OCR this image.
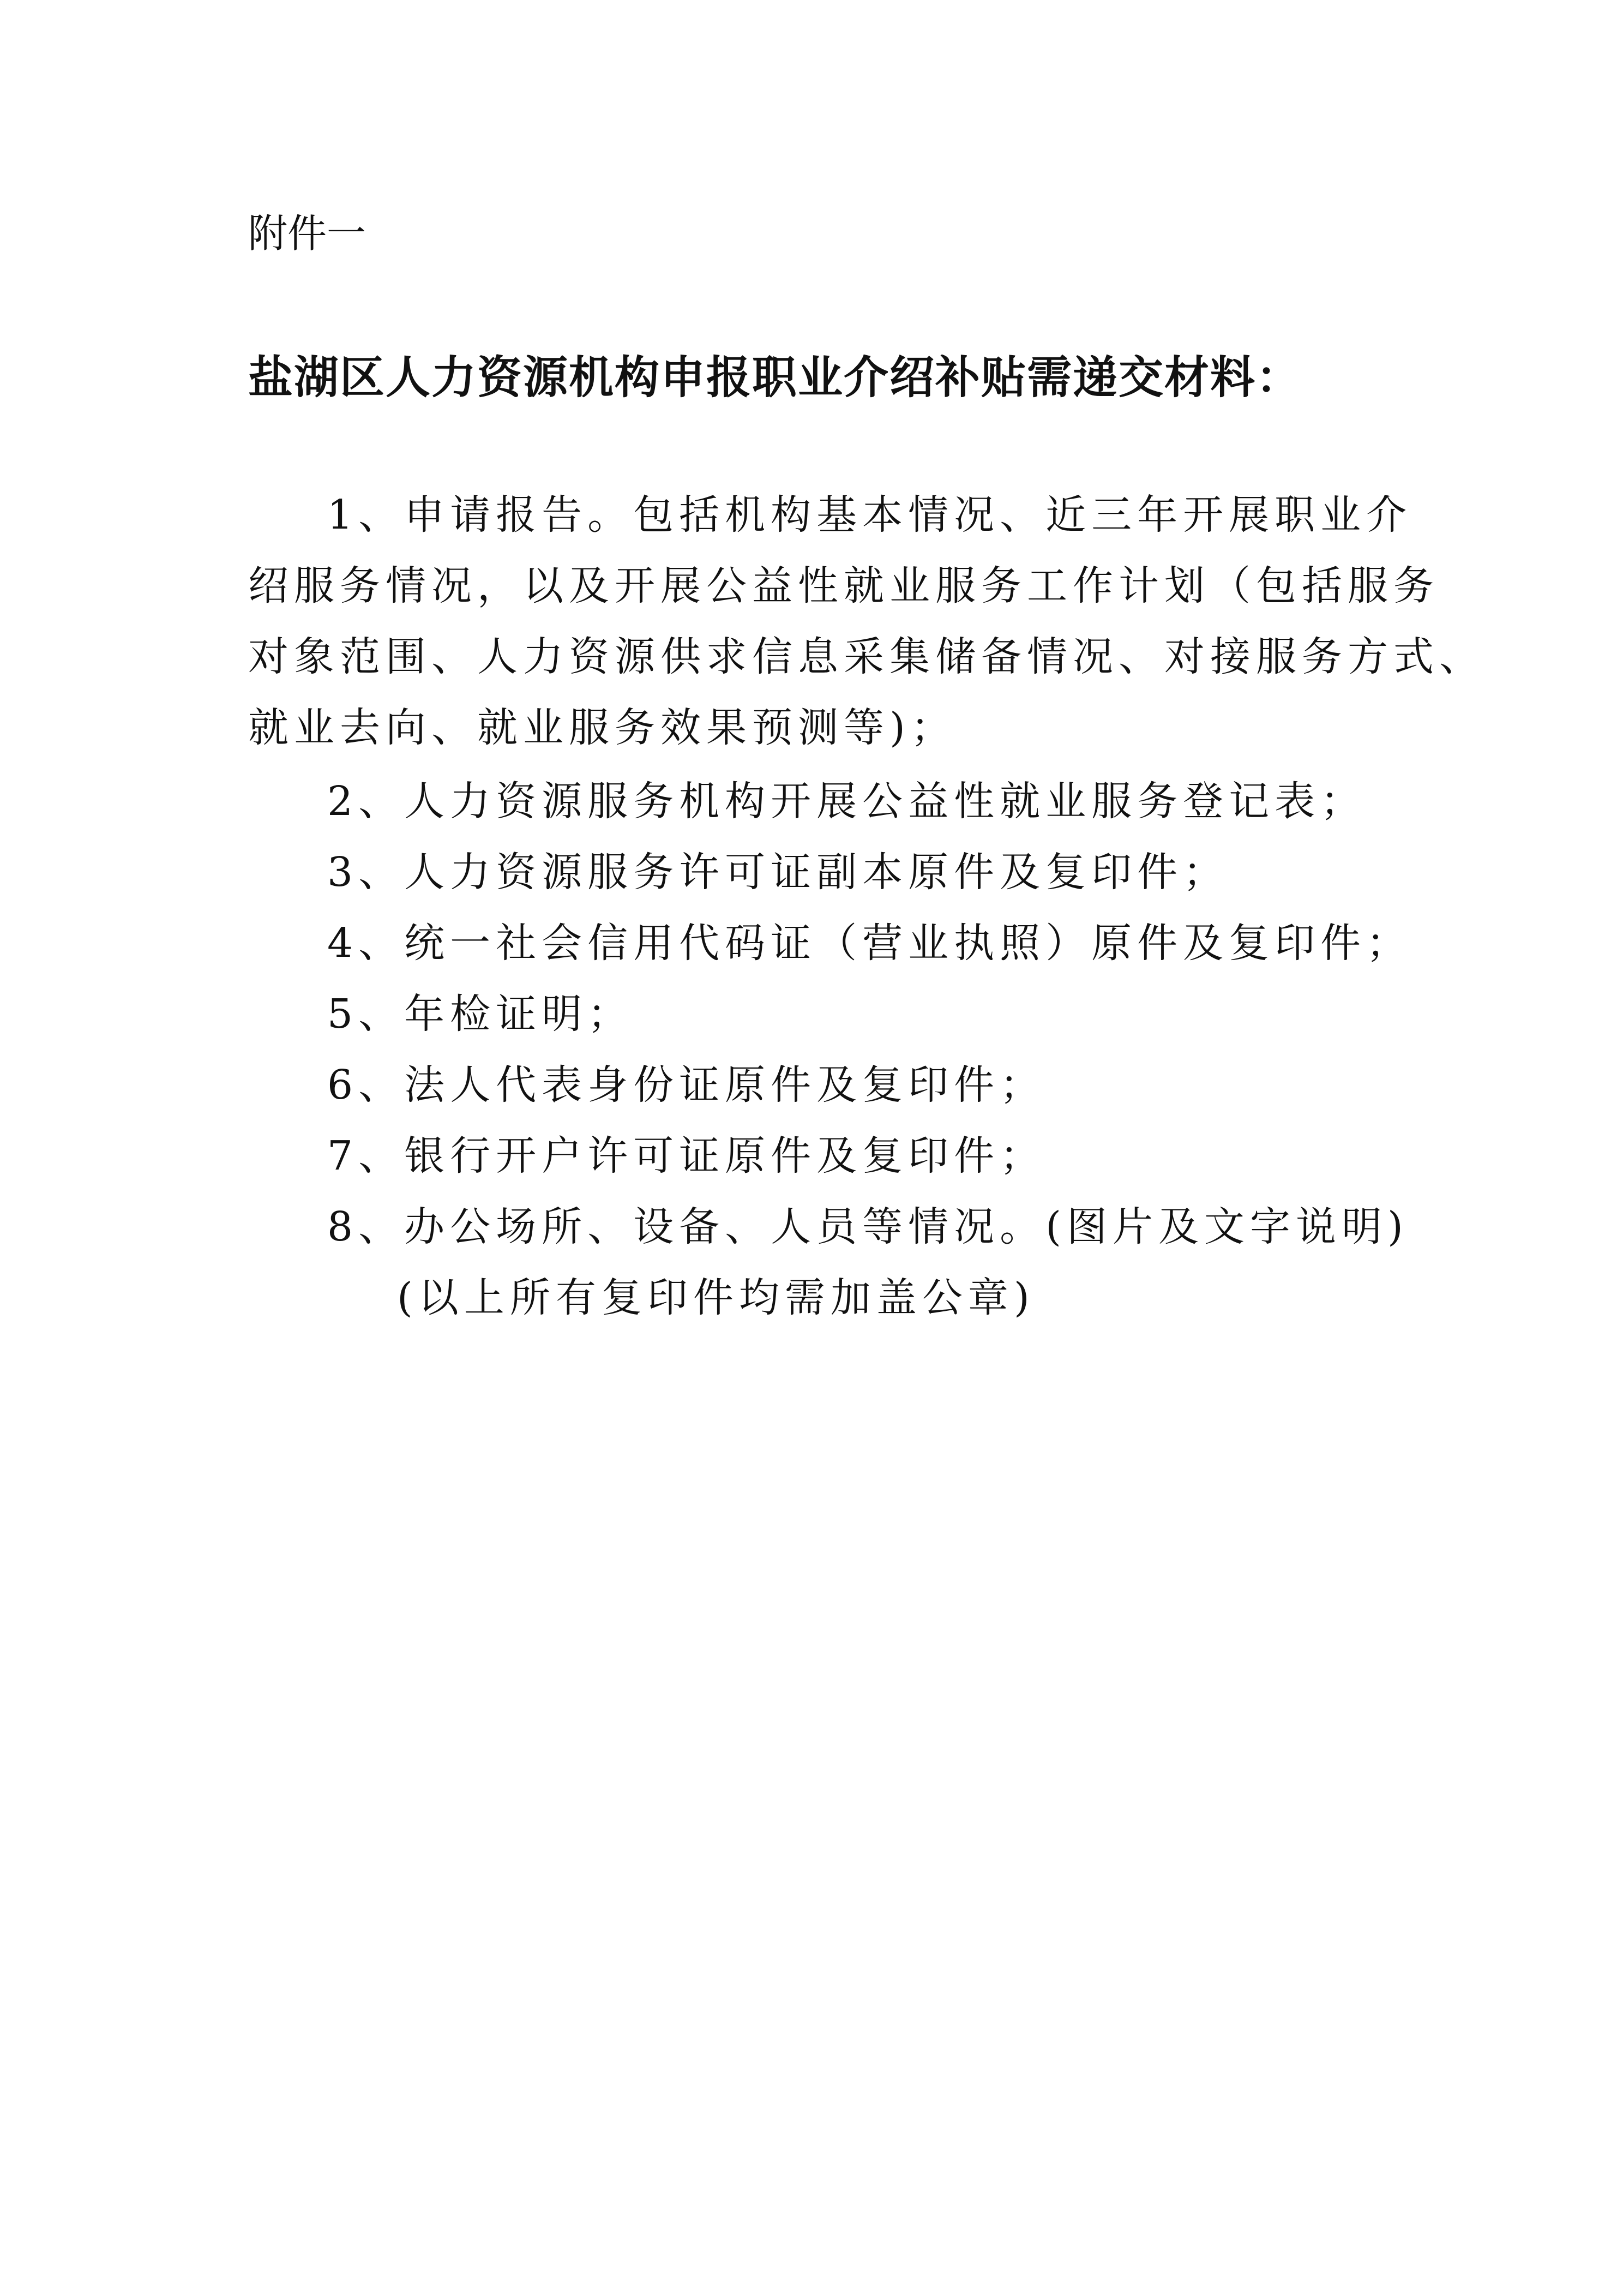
附件一
盐湖区人力资源机构申报职业介绍补贴需递交材料：
1、申请报告。包括机构基本情况、近三年开展职业介
绍服务情况，以及开展公益性就业服务工作计划（包括服务
对象范围、人力资源供求信息采集储备情况、对接服务方式、
就业去向、就业服务效果预测等)；
2、人力资源服务机构开展公益性就业服务登记表；
3、人力资源服务许可证副本原件及复印件；
4、统一社会信用代码证（营业执照）原件及复印件；
5、年检证明；
6、法人代表身份证原件及复印件；
7、银行开户许可证原件及复印件；
8、办公场所、设备、人员等情况。(图片及文字说明)
(以上所有复印件均需加盖公章)
